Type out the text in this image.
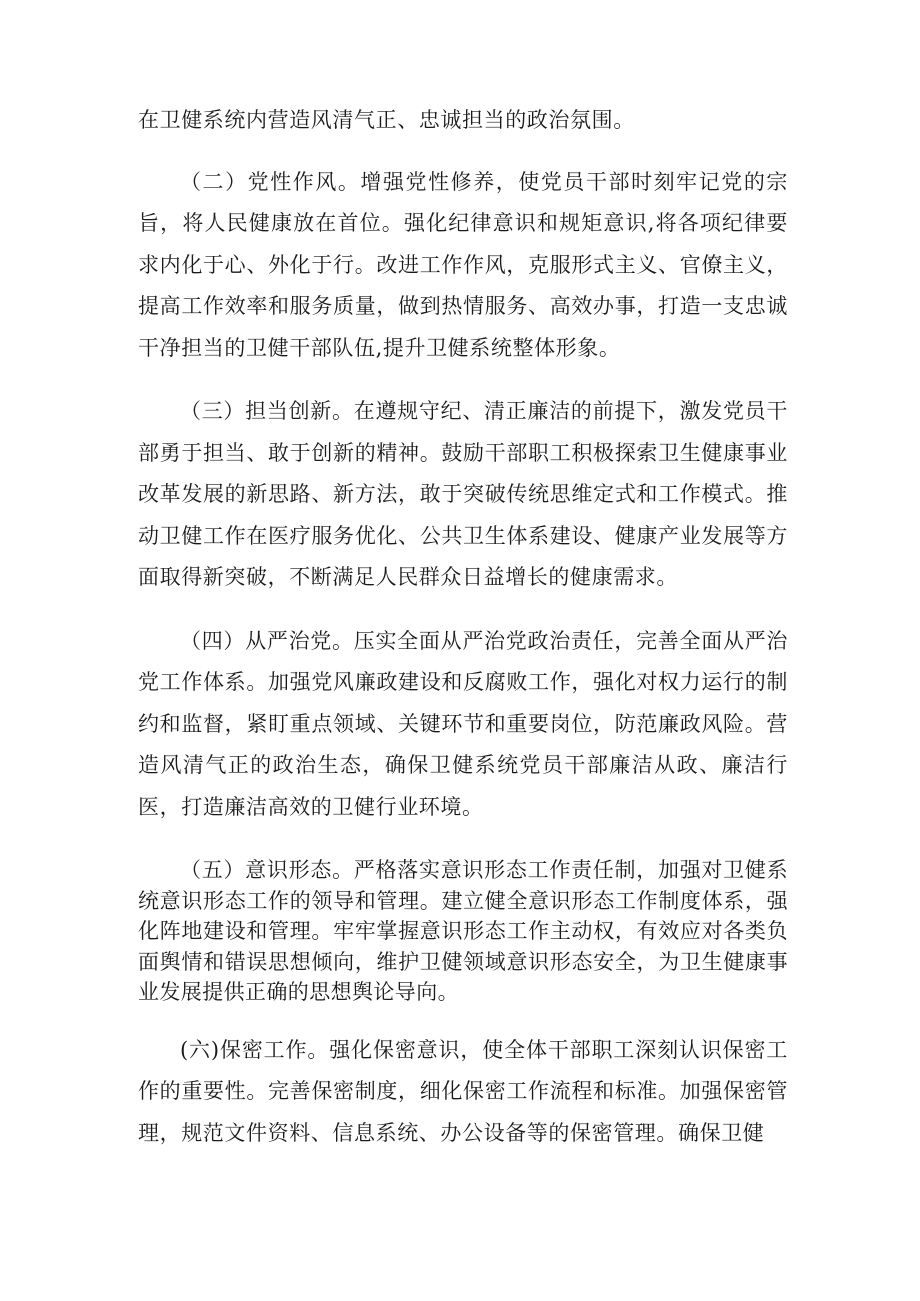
在卫健系统内营造风清气正、忠诚担当的政治氛围。

（二）党性作风。增强党性修养，使党员干部时刻牢记党的宗旨，将人民健康放在首位。强化纪律意识和规矩意识,将各项纪律要求内化于心、外化于行。改进工作作风，克服形式主义、官僚主义，提高工作效率和服务质量，做到热情服务、高效办事，打造一支忠诚干净担当的卫健干部队伍,提升卫健系统整体形象。

（三）担当创新。在遵规守纪、清正廉洁的前提下，激发党员干部勇于担当、敢于创新的精神。鼓励干部职工积极探索卫生健康事业改革发展的新思路、新方法，敢于突破传统思维定式和工作模式。推动卫健工作在医疗服务优化、公共卫生体系建设、健康产业发展等方面取得新突破，不断满足人民群众日益增长的健康需求。

（四）从严治党。压实全面从严治党政治责任，完善全面从严治党工作体系。加强党风廉政建设和反腐败工作，强化对权力运行的制约和监督，紧盯重点领域、关键环节和重要岗位，防范廉政风险。营造风清气正的政治生态，确保卫健系统党员干部廉洁从政、廉洁行医，打造廉洁高效的卫健行业环境。

（五）意识形态。严格落实意识形态工作责任制，加强对卫健系统意识形态工作的领导和管理。建立健全意识形态工作制度体系，强化阵地建设和管理。牢牢掌握意识形态工作主动权，有效应对各类负面舆情和错误思想倾向，维护卫健领域意识形态安全，为卫生健康事业发展提供正确的思想舆论导向。

(六)保密工作。强化保密意识，使全体干部职工深刻认识保密工作的重要性。完善保密制度，细化保密工作流程和标准。加强保密管理，规范文件资料、信息系统、办公设备等的保密管理。确保卫健
